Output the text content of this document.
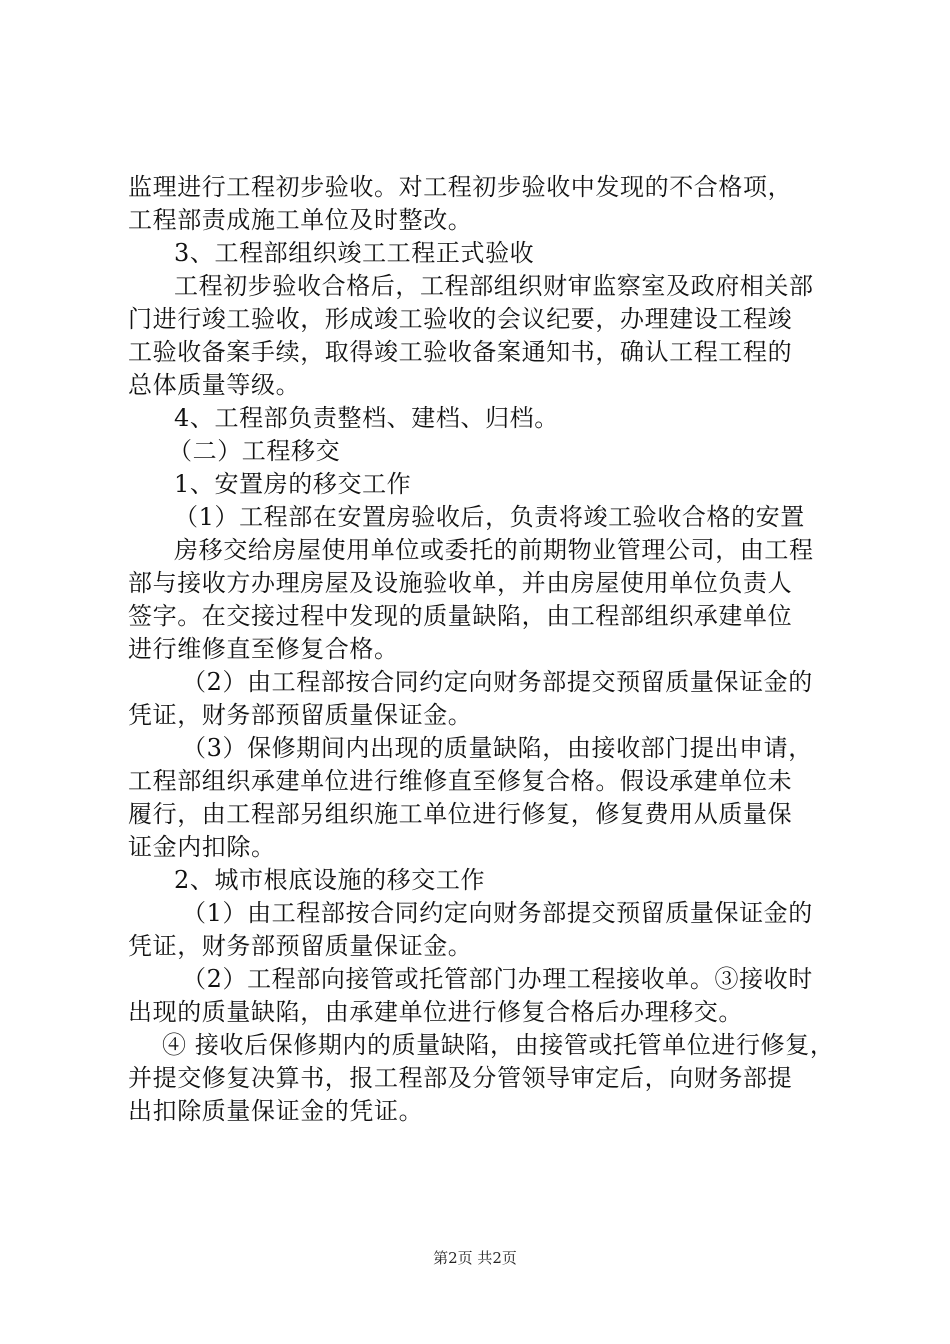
监理进行工程初步验收。对工程初步验收中发现的不合格项，
工程部责成施工单位及时整改。
3、工程部组织竣工工程正式验收
工程初步验收合格后，工程部组织财审监察室及政府相关部
门进行竣工验收，形成竣工验收的会议纪要，办理建设工程竣
工验收备案手续，取得竣工验收备案通知书，确认工程工程的
总体质量等级。
4、工程部负责整档、建档、归档。
（二）工程移交
1、安置房的移交工作
（1）工程部在安置房验收后，负责将竣工验收合格的安置
房移交给房屋使用单位或委托的前期物业管理公司，由工程
部与接收方办理房屋及设施验收单，并由房屋使用单位负责人
签字。在交接过程中发现的质量缺陷，由工程部组织承建单位
进行维修直至修复合格。
（2）由工程部按合同约定向财务部提交预留质量保证金的
凭证，财务部预留质量保证金。
（3）保修期间内出现的质量缺陷，由接收部门提出申请，
工程部组织承建单位进行维修直至修复合格。假设承建单位未
履行，由工程部另组织施工单位进行修复，修复费用从质量保
证金内扣除。
2、城市根底设施的移交工作
（1）由工程部按合同约定向财务部提交预留质量保证金的
凭证，财务部预留质量保证金。
（2）工程部向接管或托管部门办理工程接收单。③接收时
出现的质量缺陷，由承建单位进行修复合格后办理移交。
④ 接收后保修期内的质量缺陷，由接管或托管单位进行修复，
并提交修复决算书，报工程部及分管领导审定后，向财务部提
出扣除质量保证金的凭证。
第2页 共2页
